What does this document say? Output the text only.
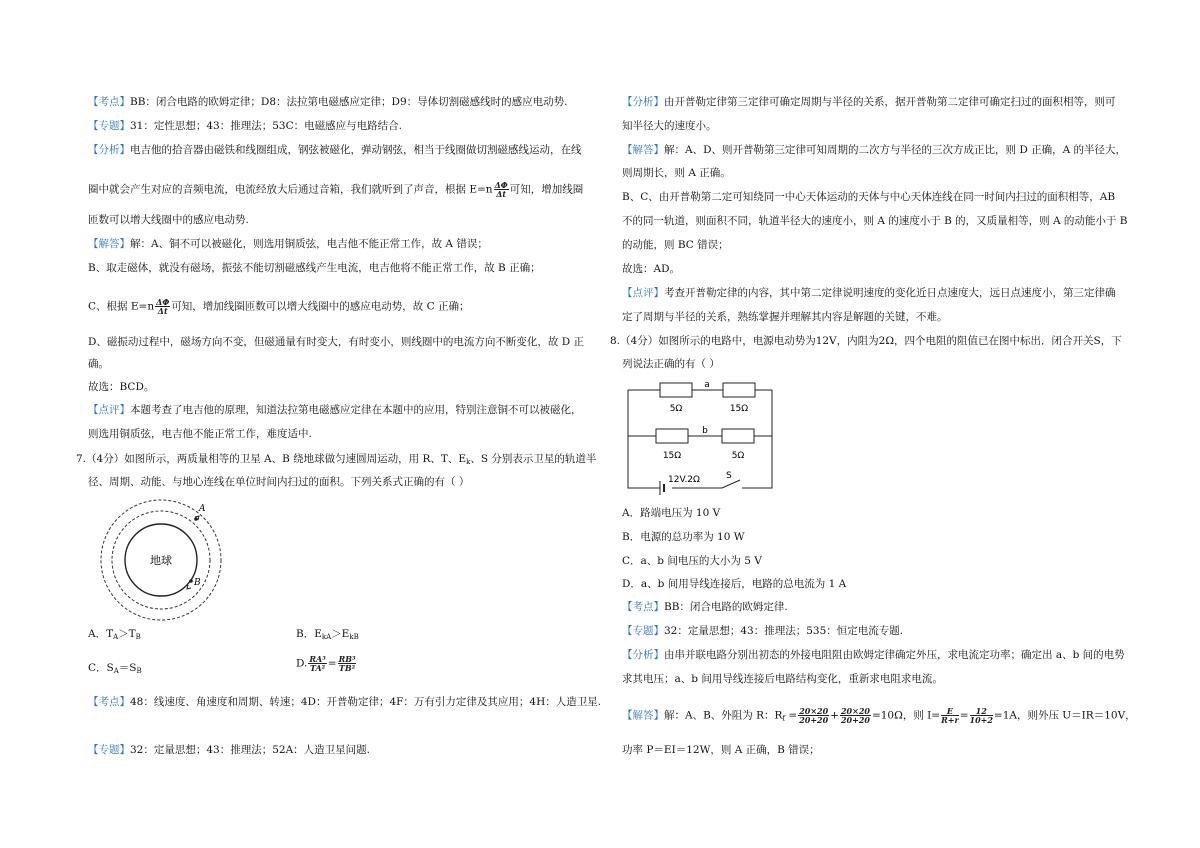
【考点】BB：闭合电路的欧姆定律；D8：法拉第电磁感应定律；D9：导体切割磁感线时的感应电动势.
【专题】31：定性思想；43：推理法；53C：电磁感应与电路结合.
【分析】电吉他的拾音器由磁铁和线圈组成，钢弦被磁化，弹动钢弦，相当于线圈做切割磁感线运动，在线
圈中就会产生对应的音频电流，电流经放大后通过音箱，我们就听到了声音，根据 $E=n \frac{\Delta\Phi}{\Delta t}$ 可知，增加线圈
匝数可以增大线圈中的感应电动势.
【解答】解：A、铜不可以被磁化，则选用铜质弦，电吉他不能正常工作，故 A 错误；
B、取走磁体，就没有磁场，振弦不能切割磁感线产生电流，电吉他将不能正常工作，故 B 正确；
C、根据 $E=n \frac{\Delta\Phi}{\Delta t}$ 可知，增加线圈匝数可以增大线圈中的感应电动势，故 C 正确；
D、磁振动过程中，磁场方向不变，但磁通量有时变大，有时变小，则线圈中的电流方向不断变化，故 D 正
确。
故选：BCD。
【点评】本题考查了电吉他的原理，知道法拉第电磁感应定律在本题中的应用，特别注意铜不可以被磁化，
则选用铜质弦，电吉他不能正常工作，难度适中.
7.（4分）如图所示，两质量相等的卫星 A、B 绕地球做匀速圆周运动，用 R、T、$E_k$、S 分别表示卫星的轨道半
径、周期、动能、与地心连线在单位时间内扫过的面积。下列关系式正确的有（ ）
地球
A
B
A．$T_A>T_B$	B．$E_{kA}>E_{kB}$
C．$S_A=S_B$
D. $\frac{\text{RA³}}{\text{TA²}} = \frac{\text{RB³}}{\text{TB²}}$
【考点】48：线速度、角速度和周期、转速；4D：开普勒定律；4F：万有引力定律及其应用；4H：人造卫星.
【专题】32：定量思想；43：推理法；52A：人造卫星问题.
【分析】由开普勒定律第三定律可确定周期与半径的关系，据开普勒第二定律可确定扫过的面积相等，则可
知半径大的速度小。
【解答】解：A、D、则开普勒第三定律可知周期的二次方与半径的三次方成正比，则 D 正确，A 的半径大，
则周期长，则 A 正确。
B、C、由开普勒第二定可知绕同一中心天体运动的天体与中心天体连线在同一时间内扫过的面积相等，AB
不的同一轨道，则面积不同，轨道半径大的速度小，则 A 的速度小于 B 的，又质量相等，则 A 的动能小于 B
的动能，则 BC 错误；
故选：AD。
【点评】考查开普勒定律的内容，其中第二定律说明速度的变化近日点速度大，远日点速度小，第三定律确
定了周期与半径的关系，熟练掌握并理解其内容是解题的关键，不难。
8.（4分）如图所示的电路中，电源电动势为12V，内阻为2Ω，四个电阻的阻值已在图中标出．闭合开关S，下
列说法正确的有（ ）
a
5Ω	15Ω
b
15Ω	5Ω
12V.2Ω	S
A．路端电压为 10 V
B．电源的总功率为 10 W
C．a、b 间电压的大小为 5 V
D．a、b 间用导线连接后，电路的总电流为 1 A
【考点】BB：闭合电路的欧姆定律.
【专题】32：定量思想；43：推理法；535：恒定电流专题.
【分析】由串并联电路分别出初态的外接电阻阻由欧姆定律确定外压，求电流定功率；确定出 a、b 间的电势
求其电压；a、b 间用导线连接后电路结构变化，重新求电阻求电流。
【解答】解：A、B、外阻为 R：$R_f = \frac{20\times 20}{20+20} + \frac{20\times 20}{20+20} =10\Omega$，则 $I= \frac{E}{R+r} = \frac{12}{10+2} =1A$，则外压 U＝IR＝10V，
功率 P＝EI＝12W，则 A 正确，B 错误；
